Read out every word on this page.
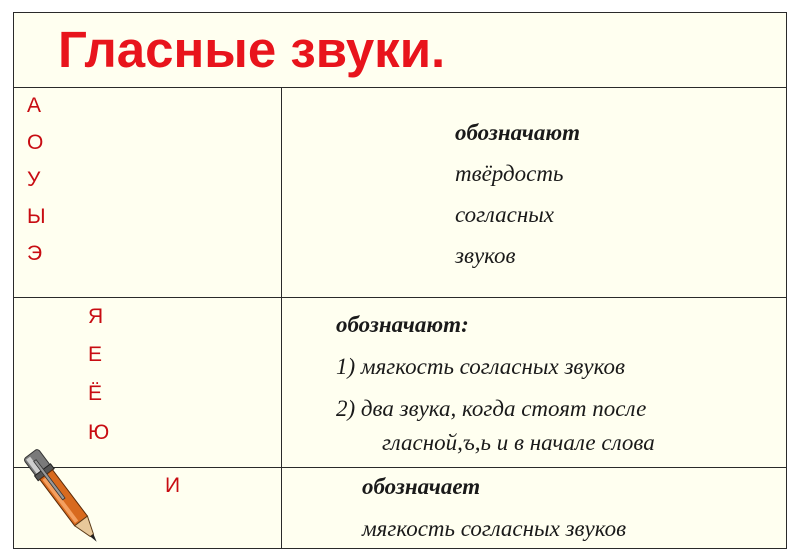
Гласные звуки.
А
О
У
Ы
Э
обозначают
твёрдость
согласных
звуков
Я
Е
Ё
Ю
обозначают:
1) мягкость согласных звуков
2) два звука, когда стоят после
гласной,ъ,ь и в начале слова
И	обозначает
мягкость согласных звуков
